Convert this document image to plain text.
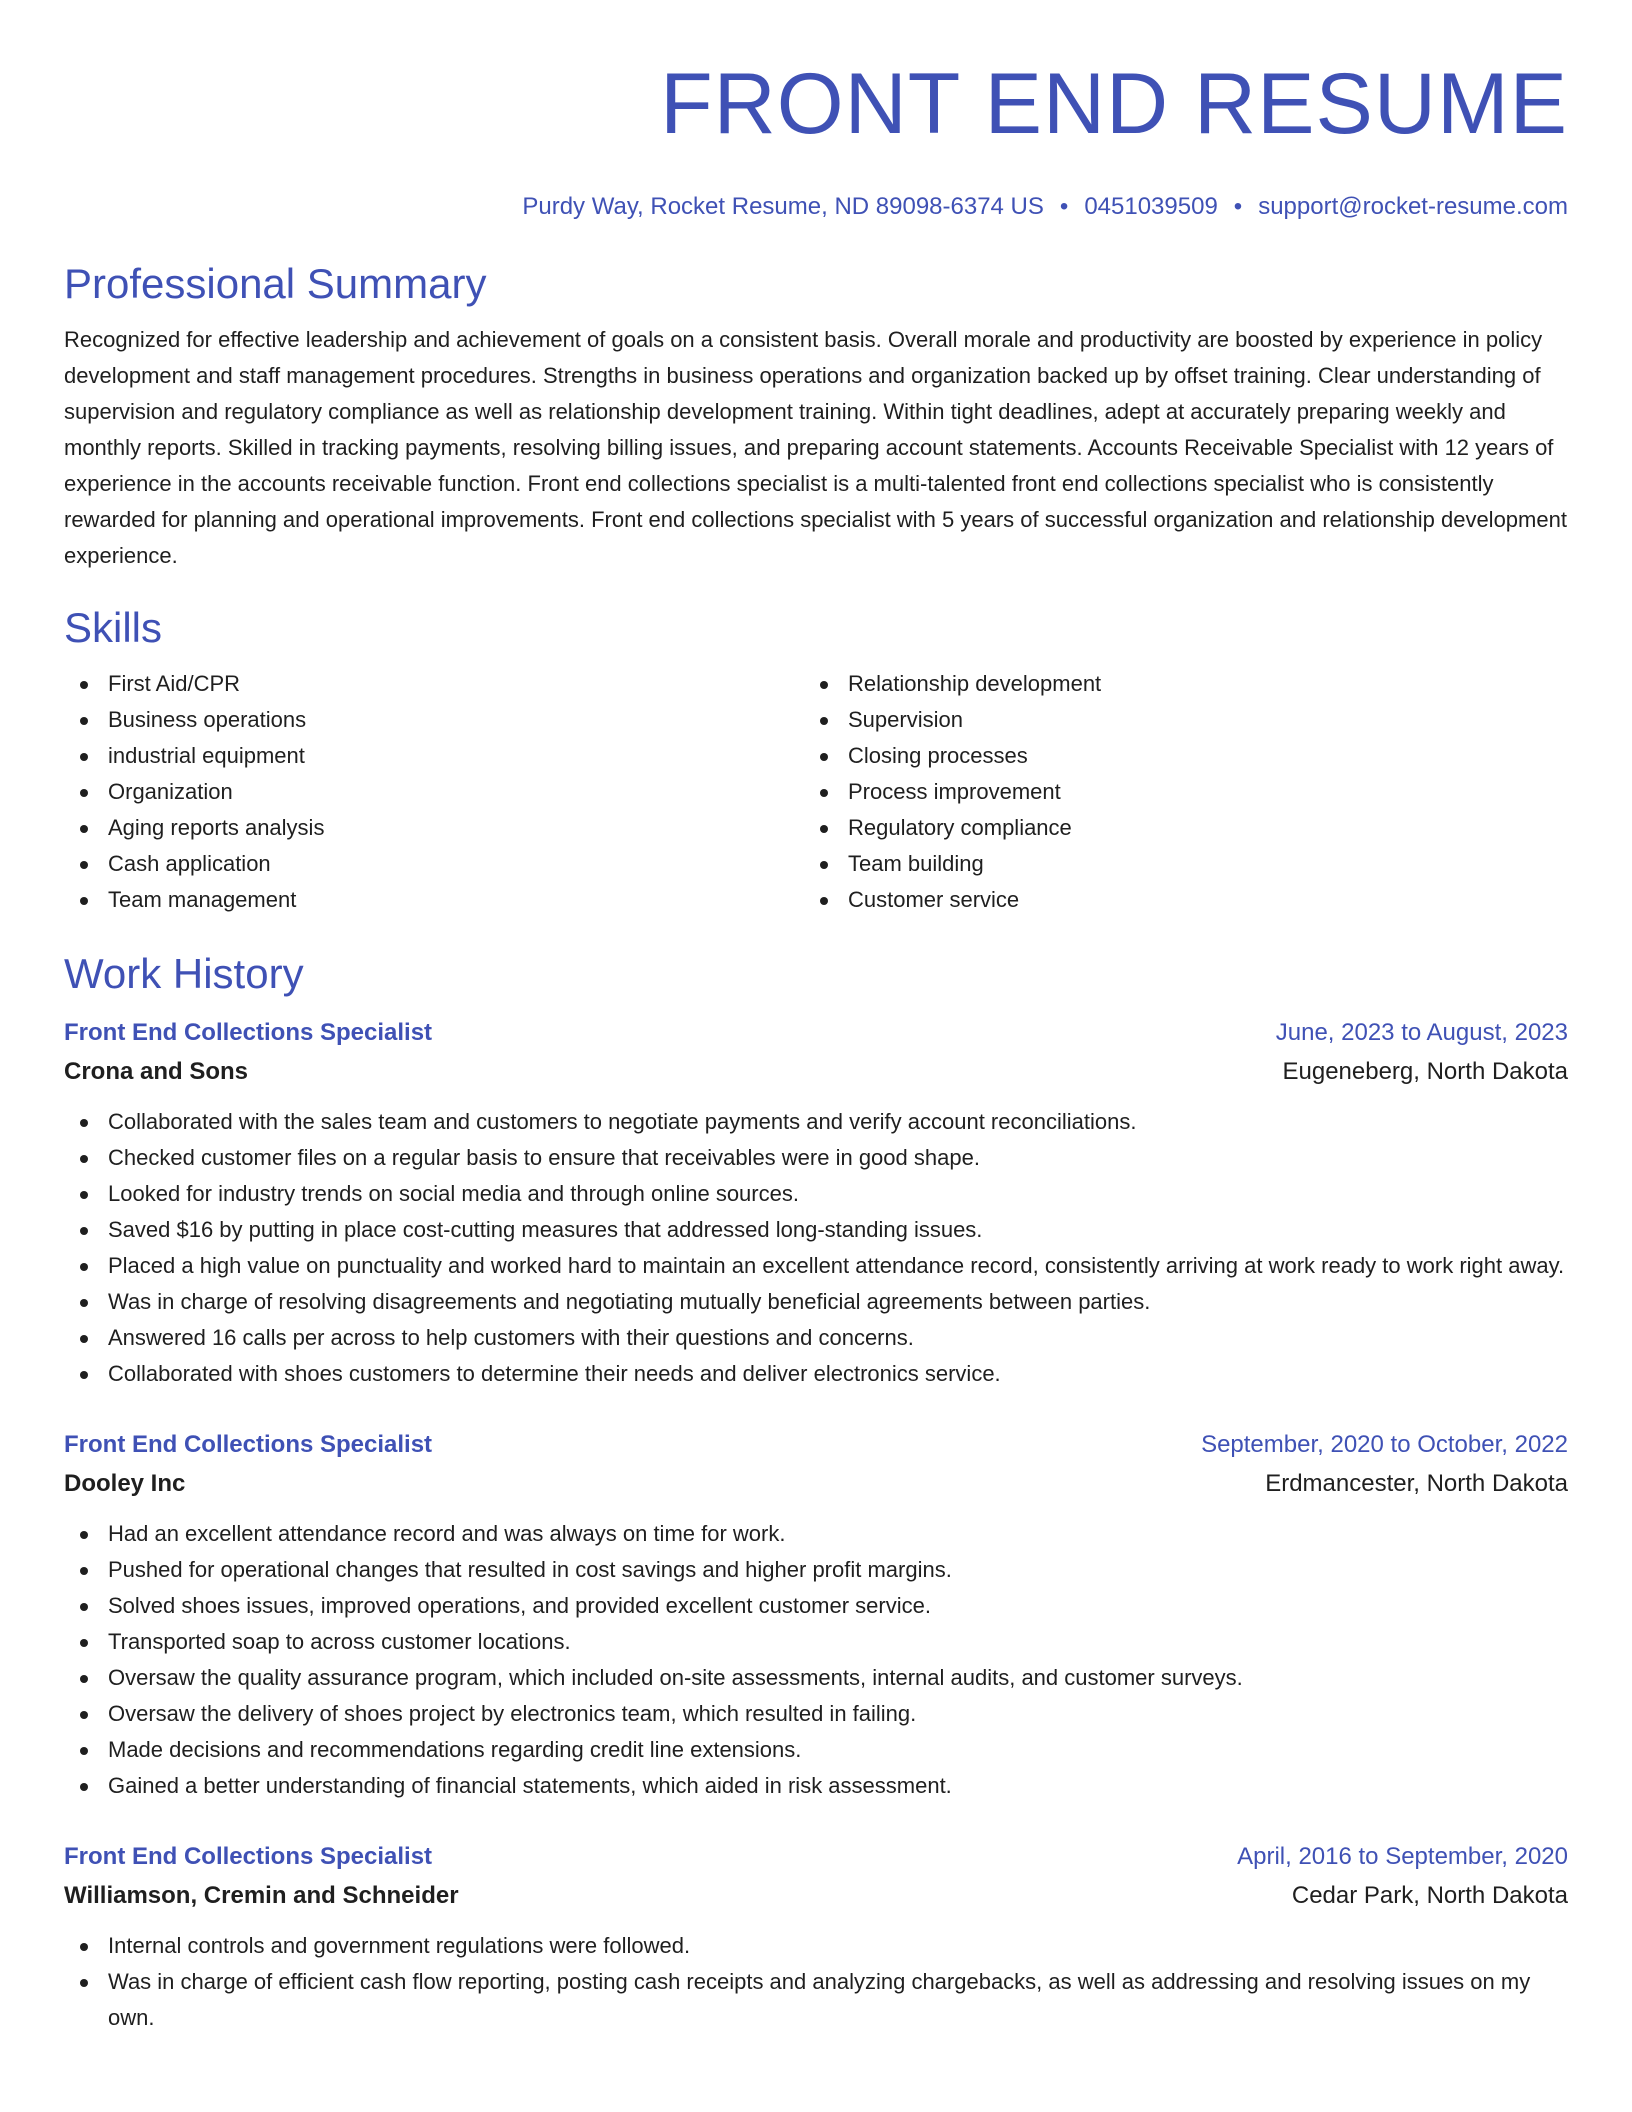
FRONT END RESUME
Purdy Way, Rocket Resume, ND 89098-6374 US • 0451039509 • support@rocket-resume.com
Professional Summary

Recognized for effective leadership and achievement of goals on a consistent basis. Overall morale and productivity are boosted by experience in policy development and staff management procedures. Strengths in business operations and organization backed up by offset training. Clear understanding of supervision and regulatory compliance as well as relationship development training. Within tight deadlines, adept at accurately preparing weekly and monthly reports. Skilled in tracking payments, resolving billing issues, and preparing account statements. Accounts Receivable Specialist with 12 years of experience in the accounts receivable function. Front end collections specialist is a multi-talented front end collections specialist who is consistently rewarded for planning and operational improvements. Front end collections specialist with 5 years of successful organization and relationship development experience.

Skills
First Aid/CPR
Business operations
industrial equipment
Organization
Aging reports analysis
Cash application
Team management
Relationship development
Supervision
Closing processes
Process improvement
Regulatory compliance
Team building
Customer service
Work History
Front End Collections Specialist	June, 2023 to August, 2023
Crona and Sons	Eugeneberg, North Dakota
Collaborated with the sales team and customers to negotiate payments and verify account reconciliations.
Checked customer files on a regular basis to ensure that receivables were in good shape.
Looked for industry trends on social media and through online sources.
Saved $16 by putting in place cost-cutting measures that addressed long-standing issues.
Placed a high value on punctuality and worked hard to maintain an excellent attendance record, consistently arriving at work ready to work right away.
Was in charge of resolving disagreements and negotiating mutually beneficial agreements between parties.
Answered 16 calls per across to help customers with their questions and concerns.
Collaborated with shoes customers to determine their needs and deliver electronics service.
Front End Collections Specialist	September, 2020 to October, 2022
Dooley Inc	Erdmancester, North Dakota
Had an excellent attendance record and was always on time for work.
Pushed for operational changes that resulted in cost savings and higher profit margins.
Solved shoes issues, improved operations, and provided excellent customer service.
Transported soap to across customer locations.
Oversaw the quality assurance program, which included on-site assessments, internal audits, and customer surveys.
Oversaw the delivery of shoes project by electronics team, which resulted in failing.
Made decisions and recommendations regarding credit line extensions.
Gained a better understanding of financial statements, which aided in risk assessment.
Front End Collections Specialist	April, 2016 to September, 2020
Williamson, Cremin and Schneider	Cedar Park, North Dakota
Internal controls and government regulations were followed.
Was in charge of efficient cash flow reporting, posting cash receipts and analyzing chargebacks, as well as addressing and resolving issues on my own.
